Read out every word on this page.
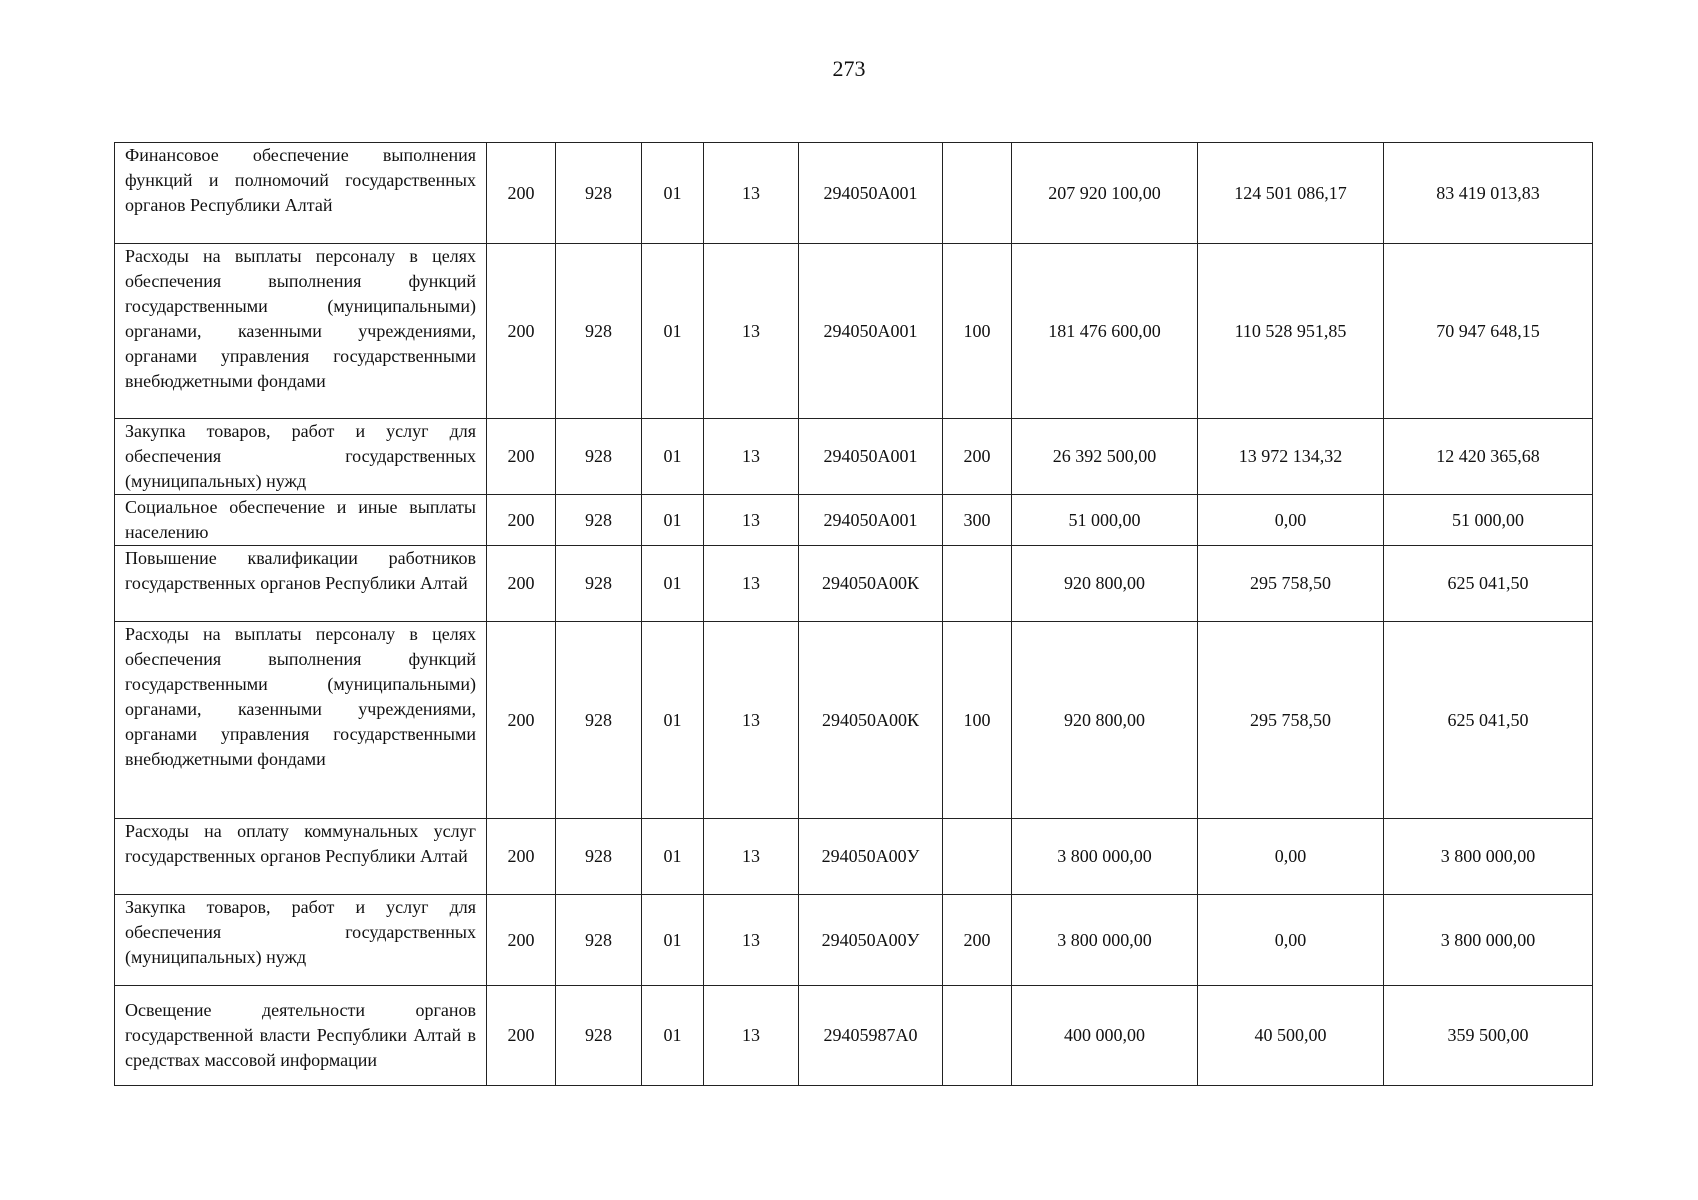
273
Финансовое обеспечение выполнения функций и полномочий государственных органов Республики Алтай	200	928	01	13	294050А001		207 920 100,00	124 501 086,17	83 419 013,83
Расходы на выплаты персоналу в целях обеспечения выполнения функций государственными (муниципальными) органами, казенными учреждениями, органами управления государственными внебюджетными фондами	200	928	01	13	294050А001	100	181 476 600,00	110 528 951,85	70 947 648,15
Закупка товаров, работ и услуг для обеспечения государственных (муниципальных) нужд	200	928	01	13	294050А001	200	26 392 500,00	13 972 134,32	12 420 365,68
Социальное обеспечение и иные выплаты населению	200	928	01	13	294050А001	300	51 000,00	0,00	51 000,00
Повышение квалификации работников государственных органов Республики Алтай	200	928	01	13	294050А00К		920 800,00	295 758,50	625 041,50
Расходы на выплаты персоналу в целях обеспечения выполнения функций государственными (муниципальными) органами, казенными учреждениями, органами управления государственными внебюджетными фондами	200	928	01	13	294050А00К	100	920 800,00	295 758,50	625 041,50
Расходы на оплату коммунальных услуг государственных органов Республики Алтай	200	928	01	13	294050А00У		3 800 000,00	0,00	3 800 000,00
Закупка товаров, работ и услуг для обеспечения государственных (муниципальных) нужд	200	928	01	13	294050А00У	200	3 800 000,00	0,00	3 800 000,00
Освещение деятельности органов государственной власти Республики Алтай в средствах массовой информации	200	928	01	13	29405987А0		400 000,00	40 500,00	359 500,00
